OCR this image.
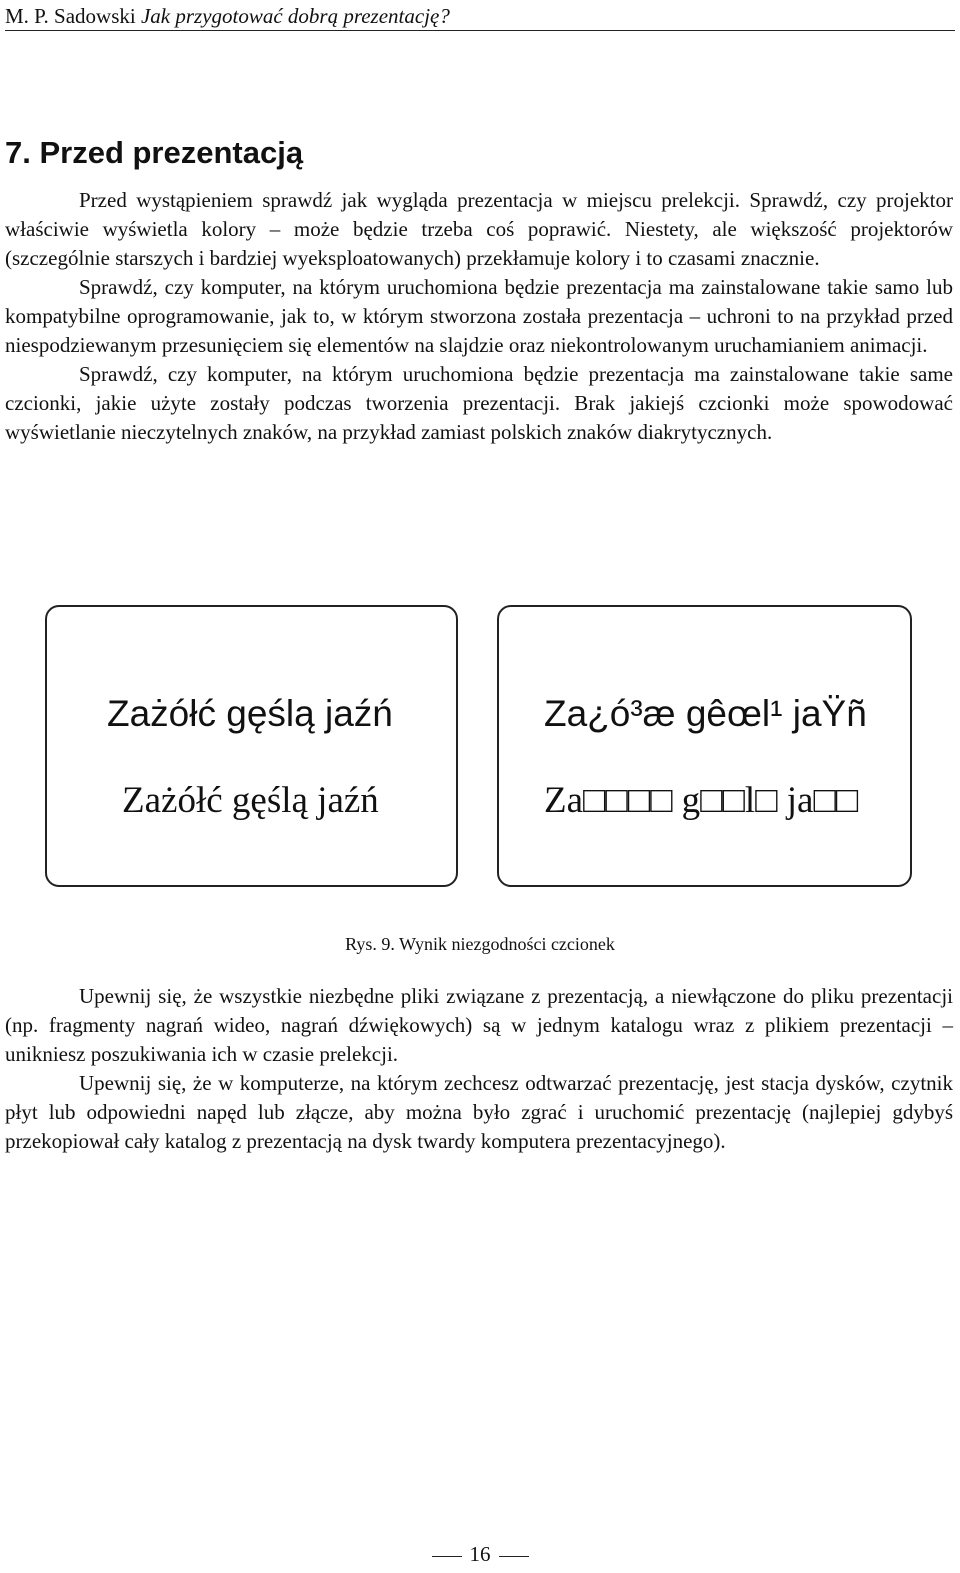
M. P. Sadowski Jak przygotować dobrą prezentację?
7. Przed prezentacją

Przed wystąpieniem sprawdź jak wygląda prezentacja w miejscu prelekcji. Sprawdź, czy projektor właściwie wyświetla kolory – może będzie trzeba coś poprawić. Niestety, ale większość projektorów (szczególnie starszych i bardziej wyeksploatowanych) przekłamuje kolory i to czasami znacznie.

Sprawdź, czy komputer, na którym uruchomiona będzie prezentacja ma zainstalowane takie samo lub kompatybilne oprogramowanie, jak to, w którym stworzona została prezentacja – uchroni to na przykład przed niespodziewanym przesunięciem się elementów na slajdzie oraz niekontrolowanym uruchamianiem animacji.

Sprawdź, czy komputer, na którym uruchomiona będzie prezentacja ma zainstalowane takie same czcionki, jakie użyte zostały podczas tworzenia prezentacji. Brak jakiejś czcionki może spowodować wyświetlanie nieczytelnych znaków, na przykład zamiast polskich znaków diakrytycznych.

Zażółć gęślą jaźń
Zażółć gęślą jaźń
Za¿ó³æ gêœl¹ jaŸñ
Za□□□□ g□□l□ ja□□
Rys. 9. Wynik niezgodności czcionek

Upewnij się, że wszystkie niezbędne pliki związane z prezentacją, a niewłączone do pliku prezentacji (np. fragmenty nagrań wideo, nagrań dźwiękowych) są w jednym katalogu wraz z plikiem prezentacji – unikniesz poszukiwania ich w czasie prelekcji.

Upewnij się, że w komputerze, na którym zechcesz odtwarzać prezentację, jest stacja dysków, czytnik płyt lub odpowiedni napęd lub złącze, aby można było zgrać i uruchomić prezentację (najlepiej gdybyś przekopiował cały katalog z prezentacją na dysk twardy komputera prezentacyjnego).

16
